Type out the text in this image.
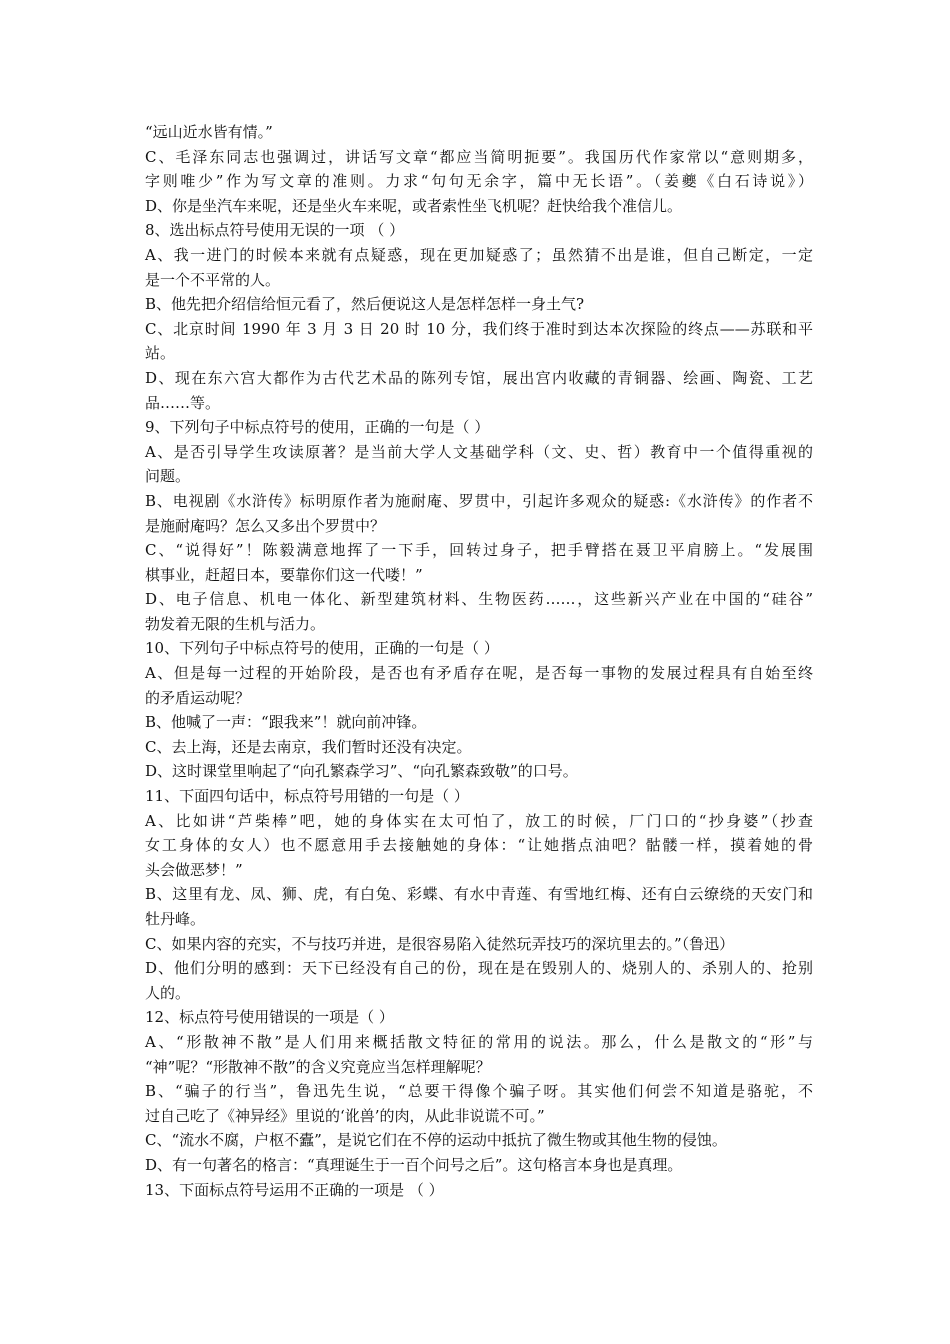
“远山近水皆有情。”
C、毛泽东同志也强调过，讲话写文章“都应当简明扼要”。我国历代作家常以“意则期多，
字则唯少”作为写文章的准则。力求“句句无余字，篇中无长语”。（姜夔《白石诗说》）
D、你是坐汽车来呢，还是坐火车来呢，或者索性坐飞机呢？赶快给我个准信儿。
8、选出标点符号使用无误的一项 （ ）
A、我一进门的时候本来就有点疑惑，现在更加疑惑了；虽然猜不出是谁，但自己断定，一定
是一个不平常的人。
B、他先把介绍信给恒元看了，然后便说这人是怎样怎样一身土气?
C、北京时间 1990 年 3 月 3 日 20 时 10 分，我们终于准时到达本次探险的终点——苏联和平
站。
D、现在东六宫大都作为古代艺术品的陈列专馆，展出宫内收藏的青铜器、绘画、陶瓷、工艺
品……等。
9、下列句子中标点符号的使用，正确的一句是（ ）
A、是否引导学生攻读原著？是当前大学人文基础学科（文、史、哲）教育中一个值得重视的
问题。
B、电视剧《水浒传》标明原作者为施耐庵、罗贯中，引起许多观众的疑惑:《水浒传》的作者不
是施耐庵吗？怎么又多出个罗贯中？
C、“说得好”！陈毅满意地挥了一下手，回转过身子，把手臂搭在聂卫平肩膀上。“发展围
棋事业，赶超日本，要靠你们这一代喽！”
D、电子信息、机电一体化、新型建筑材料、生物医药……，这些新兴产业在中国的“硅谷”
勃发着无限的生机与活力。
10、下列句子中标点符号的使用，正确的一句是（ ）
A、但是每一过程的开始阶段，是否也有矛盾存在呢，是否每一事物的发展过程具有自始至终
的矛盾运动呢？
B、他喊了一声：“跟我来”！就向前冲锋。
C、去上海，还是去南京，我们暂时还没有决定。
D、这时课堂里响起了“向孔繁森学习”、“向孔繁森致敬”的口号。
11、下面四句话中，标点符号用错的一句是（ ）
A、比如讲“芦柴棒”吧，她的身体实在太可怕了，放工的时候，厂门口的“抄身婆”（抄查
女工身体的女人）也不愿意用手去接触她的身体：“让她揩点油吧？骷髅一样，摸着她的骨
头会做恶梦！”
B、这里有龙、凤、狮、虎，有白兔、彩蝶、有水中青莲、有雪地红梅、还有白云缭绕的天安门和
牡丹峰。
C、如果内容的充实，不与技巧并进，是很容易陷入徒然玩弄技巧的深坑里去的。”（鲁迅）
D、他们分明的感到：天下已经没有自己的份，现在是在毁别人的、烧别人的、杀别人的、抢别
人的。
12、标点符号使用错误的一项是（ ）
A、“形散神不散”是人们用来概括散文特征的常用的说法。那么，什么是散文的“形”与
“神”呢？“形散神不散”的含义究竟应当怎样理解呢？
B、“骗子的行当”，鲁迅先生说，“总要干得像个骗子呀。其实他们何尝不知道是骆驼，不
过自己吃了《神异经》里说的‘讹兽’的肉，从此非说谎不可。”
C、“流水不腐，户枢不蠹”，是说它们在不停的运动中抵抗了微生物或其他生物的侵蚀。
D、有一句著名的格言：“真理诞生于一百个问号之后”。这句格言本身也是真理。
13、下面标点符号运用不正确的一项是 （ ）
